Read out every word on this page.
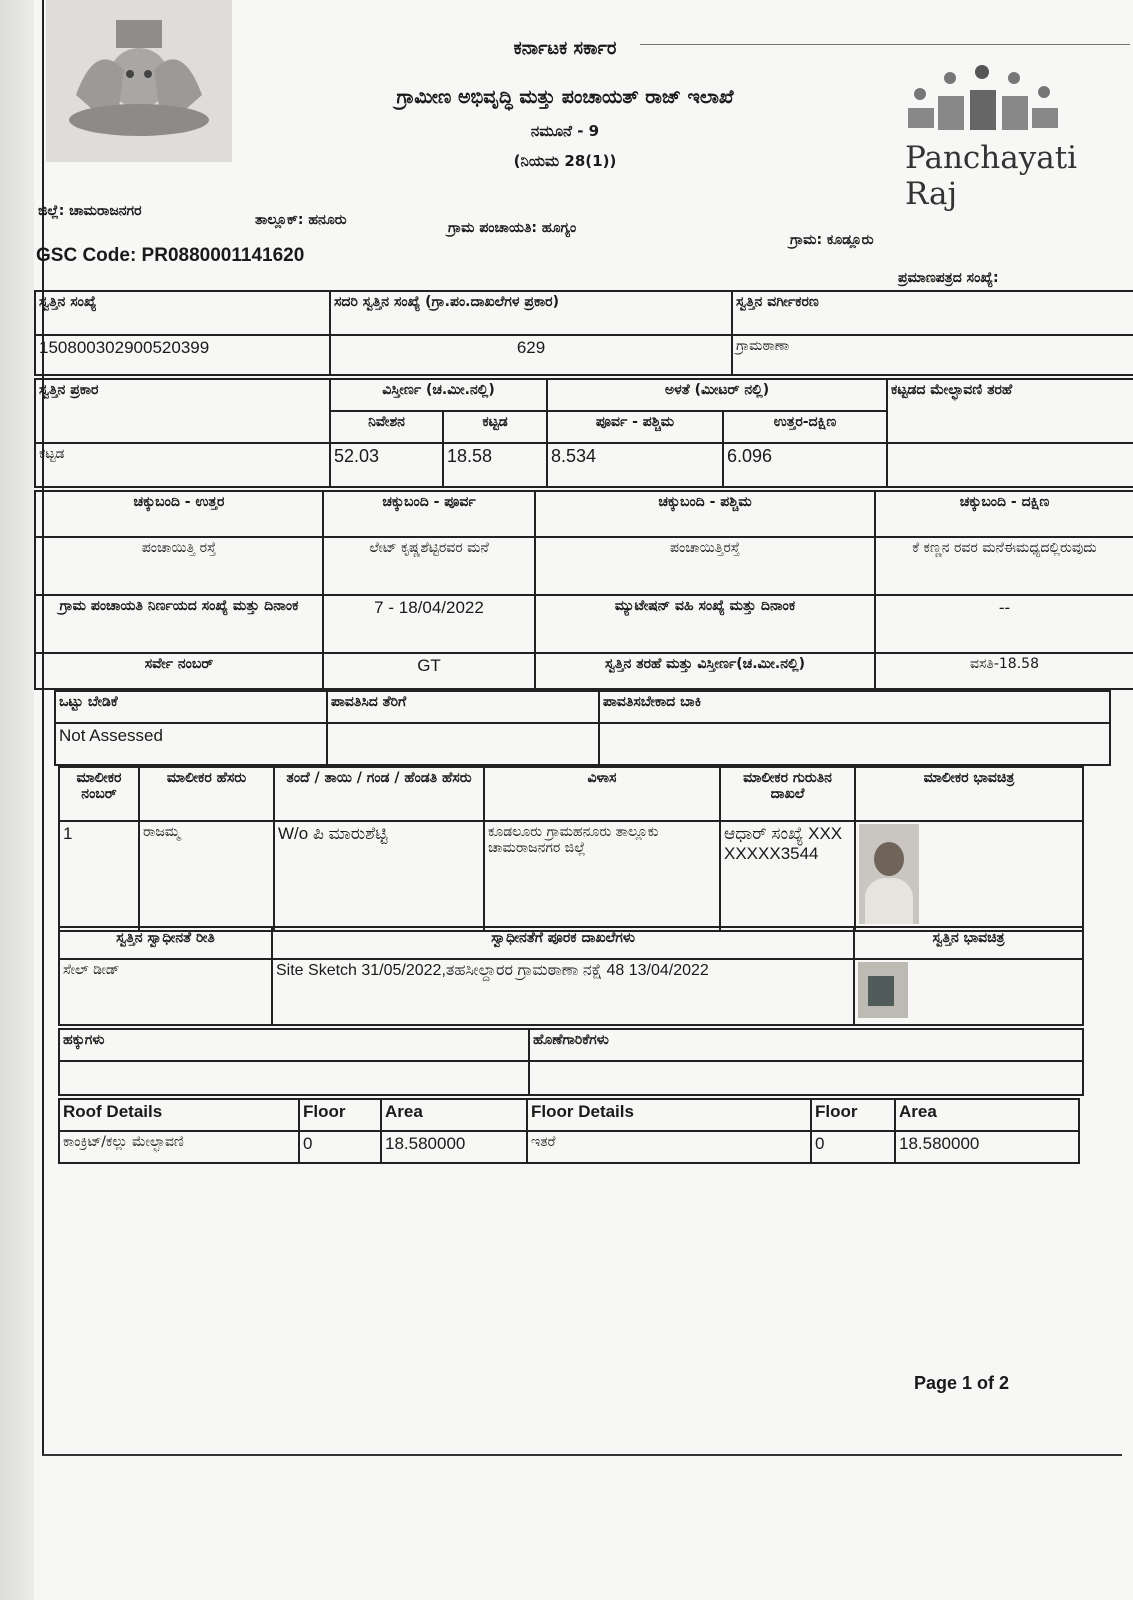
Panchayati Raj
ಕರ್ನಾಟಕ ಸರ್ಕಾರ
ಗ್ರಾಮೀಣ ಅಭಿವೃದ್ಧಿ ಮತ್ತು ಪಂಚಾಯತ್ ರಾಜ್ ಇಲಾಖೆ
ನಮೂನೆ - 9
(ನಿಯಮ 28(1))
ಜಿಲ್ಲೆ: ಚಾಮರಾಜನಗರ
ತಾಲ್ಲೂಕ್: ಹನೂರು	ಗ್ರಾಮ ಪಂಚಾಯತಿ: ಹೂಗ್ಯಂ
ಗ್ರಾಮ: ಕೂಡ್ಲೂರು
GSC Code: PR0880001141620
ಪ್ರಮಾಣಪತ್ರದ ಸಂಖ್ಯೆ:
ಸ್ವತ್ತಿನ ಸಂಖ್ಯೆ	ಸದರಿ ಸ್ವತ್ತಿನ ಸಂಖ್ಯೆ (ಗ್ರಾ.ಪಂ.ದಾಖಲೆಗಳ ಪ್ರಕಾರ)	ಸ್ವತ್ತಿನ ವರ್ಗೀಕರಣ
150800302900520399	629	ಗ್ರಾಮಠಾಣಾ
ಸ್ವತ್ತಿನ ಪ್ರಕಾರ	ವಿಸ್ತೀರ್ಣ (ಚ.ಮೀ.ನಲ್ಲಿ)		ಅಳತೆ (ಮೀಟರ್ ನಲ್ಲಿ)		ಕಟ್ಟಡದ ಮೇಲ್ಛಾವಣಿ ತರಹೆ
	ನಿವೇಶನ	ಕಟ್ಟಡ	ಪೂರ್ವ - ಪಶ್ಚಿಮ	ಉತ್ತರ-ದಕ್ಷಿಣ	
ಕಟ್ಟಡ	52.03	18.58	8.534	6.096	
ಚಕ್ಕುಬಂದಿ - ಉತ್ತರ	ಚಕ್ಕುಬಂದಿ - ಪೂರ್ವ	ಚಕ್ಕುಬಂದಿ - ಪಶ್ಚಿಮ	ಚಕ್ಕುಬಂದಿ - ದಕ್ಷಿಣ
ಪಂಚಾಯಿತ್ತಿ ರಸ್ತೆ	ಲೇಟ್ ಕೃಷ್ಣಶೆಟ್ಟಿರವರ ಮನೆ	ಪಂಚಾಯಿತ್ತಿರಸ್ತೆ	ಕೆ ಕಣ್ಣನ ರವರ ಮನೆಈಮಧ್ಯದಲ್ಲಿರುವುದು
ಗ್ರಾಮ ಪಂಚಾಯತಿ ನಿರ್ಣಯದ ಸಂಖ್ಯೆ ಮತ್ತು ದಿನಾಂಕ	7 - 18/04/2022	ಮ್ಯುಟೇಷನ್ ವಹಿ ಸಂಖ್ಯೆ ಮತ್ತು ದಿನಾಂಕ	--
ಸರ್ವೇ ನಂಬರ್	GT	ಸ್ವತ್ತಿನ ತರಹೆ ಮತ್ತು ವಿಸ್ತೀರ್ಣ(ಚ.ಮೀ.ನಲ್ಲಿ)	ವಸತಿ-18.58
ಒಟ್ಟು ಬೇಡಿಕೆ	ಪಾವತಿಸಿದ ತೆರಿಗೆ	ಪಾವತಿಸಬೇಕಾದ ಬಾಕಿ
Not Assessed		
ಮಾಲೀಕರ ನಂಬರ್	ಮಾಲೀಕರ ಹೆಸರು	ತಂದೆ / ತಾಯಿ / ಗಂಡ / ಹೆಂಡತಿ ಹೆಸರು	ವಿಳಾಸ	ಮಾಲೀಕರ ಗುರುತಿನ ದಾಖಲೆ	ಮಾಲೀಕರ ಭಾವಚಿತ್ರ
1	ರಾಜಮ್ಮ	W/o ಪಿ ಮಾರುಶೆಟ್ಟಿ	ಕೂಡಲೂರು ಗ್ರಾಮಹನೂರು ತಾಲ್ಲೂಕು ಚಾಮರಾಜನಗರ ಜಿಲ್ಲೆ	ಆಧಾರ್ ಸಂಖ್ಯೆ XXXXXXXX3544	
ಸ್ವತ್ತಿನ ಸ್ವಾಧೀನತೆ ರೀತಿ	ಸ್ವಾಧೀನತೆಗೆ ಪೂರಕ ದಾಖಲೆಗಳು	ಸ್ವತ್ತಿನ ಭಾವಚಿತ್ರ
ಸೇಲ್ ಡೀಡ್	Site Sketch 31/05/2022,ತಹಸೀಲ್ದಾರರ ಗ್ರಾಮಠಾಣಾ ನಕ್ಷೆ 48 13/04/2022	
ಹಕ್ಕುಗಳು	ಹೊಣೆಗಾರಿಕೆಗಳು

Roof Details	Floor	Area	Floor Details	Floor	Area
ಕಾಂಕ್ರಿಟ್/ಕಲ್ಲು ಮೇಲ್ಛಾವಣಿ	0	18.580000	ಇತರೆ	0	18.580000
Page 1 of 2
